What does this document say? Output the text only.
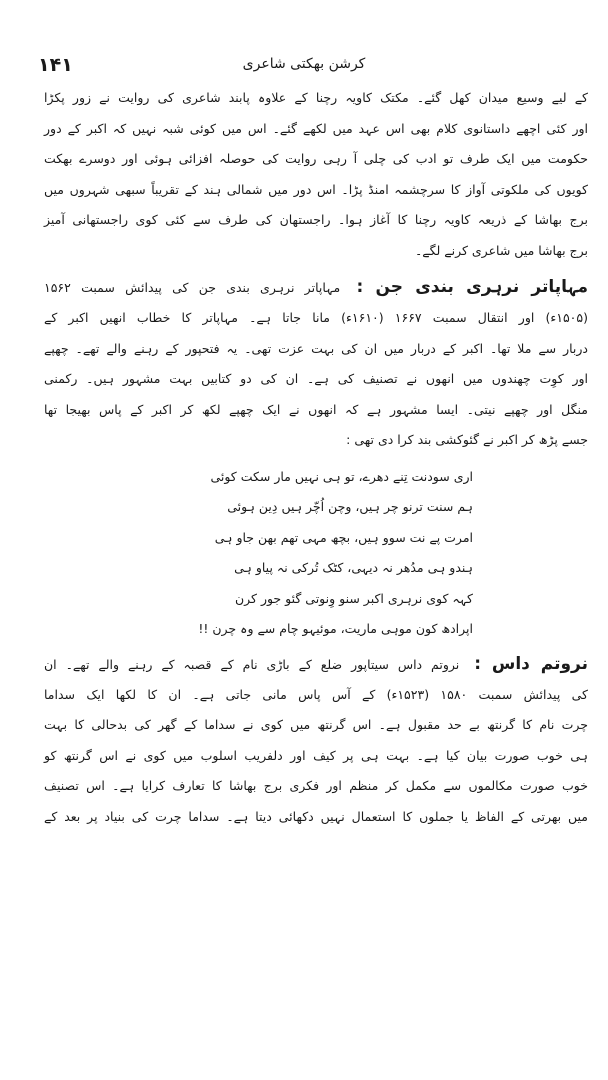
۱۴۱	کرشن بھکتی شاعری
کے لیے وسیع میدان کھل گئے۔ مکتک کاویہ رچنا کے علاوہ پابند شاعری کی روایت نے زور پکڑا
اور کئی اچھے داستانوی کلام بھی اس عہد میں لکھے گئے۔ اس میں کوئی شبہ نہیں کہ اکبر کے دور
حکومت میں ایک طرف تو ادب کی چلی آ رہی روایت کی حوصلہ افزائی ہوئی اور دوسرے بھکت
کویوں کی ملکوتی آواز کا سرچشمہ امنڈ پڑا۔ اس دور میں شمالی ہند کے تقریباً سبھی شہروں میں
برج بھاشا کے ذریعہ کاویہ رچنا کا آغاز ہوا۔ راجستھان کی طرف سے کئی کوی راجستھانی آمیز
برج بھاشا میں شاعری کرنے لگے۔
مہاپاتر نرہری بندی جن : مہاپاتر نرہری بندی جن کی پیدائش سمبت ۱۵۶۲
(۱۵۰۵ء) اور انتقال سمبت ۱۶۶۷ (۱۶۱۰ء) مانا جاتا ہے۔ مہاپاتر کا خطاب انھیں اکبر کے
دربار سے ملا تھا۔ اکبر کے دربار میں ان کی بہت عزت تھی۔ یہ فتحپور کے رہنے والے تھے۔ چھپے
اور کوِت چھندوں میں انھوں نے تصنیف کی ہے۔ ان کی دو کتابیں بہت مشہور ہیں۔ رکمنی
منگل اور چھپے نیتی۔ ایسا مشہور ہے کہ انھوں نے ایک چھپے لکھ کر اکبر کے پاس بھیجا تھا
جسے پڑھ کر اکبر نے گئوکشی بند کرا دی تھی :
اری سودنت تِنے دھرے، تو ہی نہیں مار سکت کوئی
ہم سنت ترنو چر ہیں، وچن اُچّر ہیں دِین ہوئی
امرت پے نت سوو ہیں، بچھ مہی تھم بھن جاو ہی
ہندو ہی مدُھر نہ دیہی، کٹک تُرکی نہ پیاو ہی
کہہ کوی نرہری اکبر سنو وِنوتی گئو جور کرن
اپرادھ کون موہی ماریت، موئیہو چام سے وہ چرن !!
نروتم داس : نروتم داس سیتاپور ضلع کے باڑی نام کے قصبہ کے رہنے والے تھے۔ ان
کی پیدائش سمبت ۱۵۸۰ (۱۵۲۳ء) کے آس پاس مانی جاتی ہے۔ ان کا لکھا ایک سداما
چرت نام کا گرنتھ بے حد مقبول ہے۔ اس گرنتھ میں کوی نے سداما کے گھر کی بدحالی کا بہت
ہی خوب صورت بیان کیا ہے۔ بہت ہی پر کیف اور دلفریب اسلوب میں کوی نے اس گرنتھ کو
خوب صورت مکالموں سے مکمل کر منظم اور فکری برج بھاشا کا تعارف کرایا ہے۔ اس تصنیف
میں بھرتی کے الفاظ یا جملوں کا استعمال نہیں دکھائی دیتا ہے۔ سداما چرت کی بنیاد پر بعد کے
